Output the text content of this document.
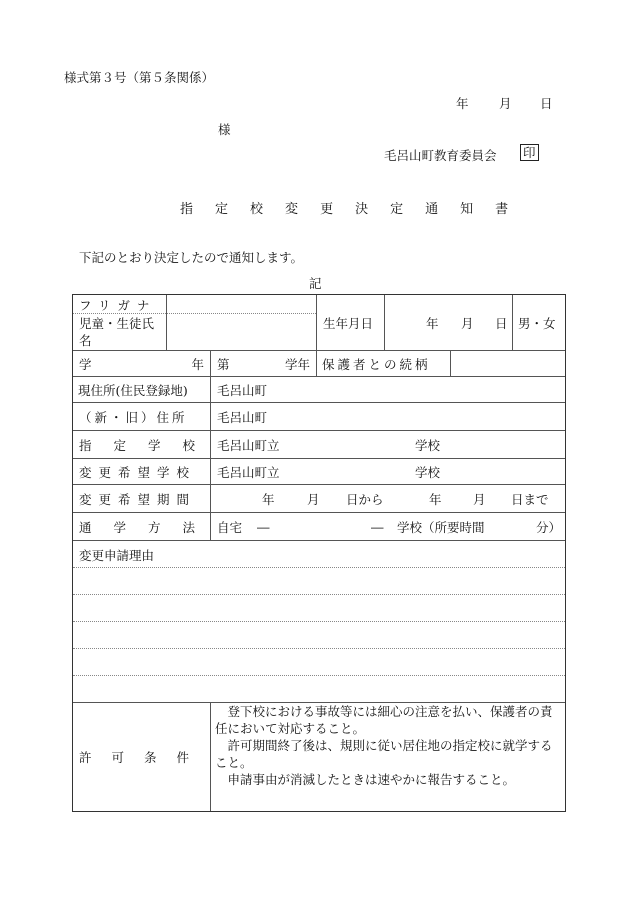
様式第３号（第５条関係）
年 月 日
様
毛呂山町教育委員会 印
指 定 校 変 更 決 定 通 知 書
下記のとおり決定したので通知します。
記
フリガナ
児童・生徒氏名
生年月日	年 月 日 男・女
学	年 第	学年 保護者との続柄
現住所(住民登録地) 毛呂山町
（新・旧）住所 毛呂山町
指定学校 毛呂山町立	学校
変更希望学校 毛呂山町立	学校
変更希望期間	年	月 日から	年	月 日まで
通学方法 自宅 ―	― 学校（所要時間	分）
変更申請理由
許可条件

　登下校における事故等には細心の注意を払い、保護者の責任において対応すること。

　許可期間終了後は、規則に従い居住地の指定校に就学すること。

　申請事由が消滅したときは速やかに報告すること。
